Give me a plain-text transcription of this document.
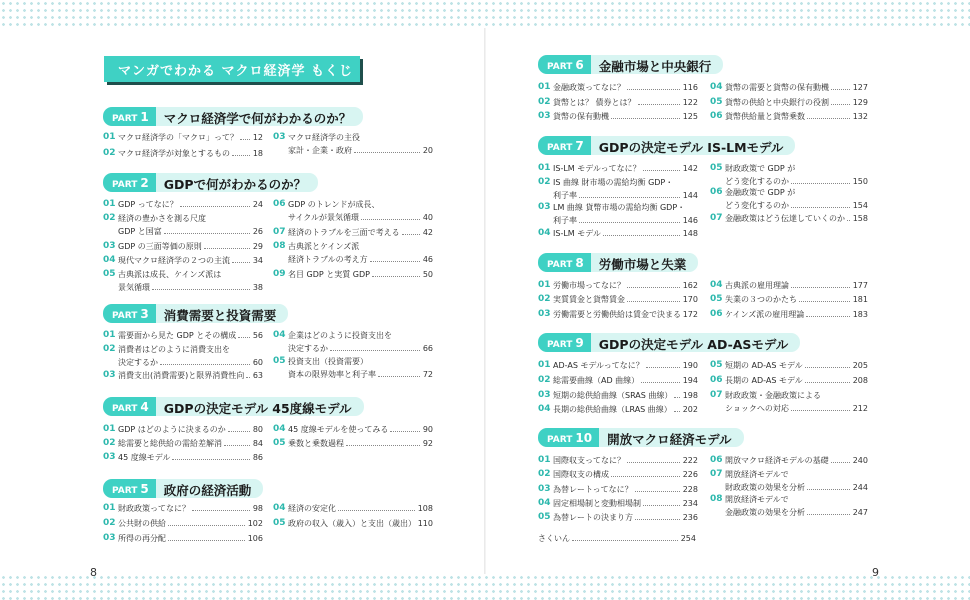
マンガでわかる マクロ経済学 もくじ
PART 1	マクロ経済学で何がわかるのか？
01 マクロ経済学の「マクロ」って？ 12
02 マクロ経済学が対象とするもの	18
03 マクロ経済学の主役
家計・企業・政府	20
PART 2	GDPで何がわかるのか？
01 GDP ってなに？	24
02 経済の豊かさを測る尺度
GDP と国富	26
03 GDP の三面等価の原則	29
04 現代マクロ経済学の２つの主流	34
05 古典派は成長、ケインズ派は
景気循環	38
06 GDP のトレンドが成長、
サイクルが景気循環	40
07 経済のトラブルを三面で考える	42
08 古典派とケインズ派
経済トラブルの考え方	46
09 名目 GDP と実質 GDP	50
PART 3	消費需要と投資需要
01 需要面から見た GDP とその構成 56
02 消費者はどのように消費支出を
決定するか	60
03 消費支出(消費需要)と限界消費性向 63
04 企業はどのように投資支出を
決定するか	66
05 投資支出（投資需要）
資本の限界効率と利子率	72
PART 4	GDPの決定モデル 45度線モデル
01 GDP はどのように決まるのか	80
02 総需要と総供給の需給差解消	84
03 45 度線モデル	86
04 45 度線モデルを使ってみる	90
05 乗数と乗数過程	92
PART 5	政府の経済活動
01 財政政策ってなに？	98
02 公共財の供給	102
03 所得の再分配	106
04 経済の安定化	108
05 政府の収入（歳入）と支出（歳出） 110
PART 6	金融市場と中央銀行
01 金融政策ってなに？	116
02 貨幣とは？ 債券とは？	122
03 貨幣の保有動機	125
04 貨幣の需要と貨幣の保有動機	127
05 貨幣の供給と中央銀行の役割	129
06 貨幣供給量と貨幣乗数	132
PART 7	GDPの決定モデル IS-LMモデル
01 IS-LM モデルってなに？	142
02 IS 曲線 財市場の需給均衡 GDP・
利子率	144
03 LM 曲線 貨幣市場の需給均衡 GDP・
利子率	146
04 IS-LM モデル	148
05 財政政策で GDP が
どう変化するのか	150
06 金融政策で GDP が
どう変化するのか	154
07 金融政策はどう伝達していくのか 158
PART 8	労働市場と失業
01 労働市場ってなに？	162
02 実質賃金と貨幣賃金	170
03 労働需要と労働供給は賃金で決まる 172
04 古典派の雇用理論	177
05 失業の３つのかたち	181
06 ケインズ派の雇用理論	183
PART 9	GDPの決定モデル AD-ASモデル
01 AD-AS モデルってなに？	190
02 総需要曲線（AD 曲線）	194
03 短期の総供給曲線（SRAS 曲線） 198
04 長期の総供給曲線（LRAS 曲線） 202
05 短期の AD-AS モデル	205
06 長期の AD-AS モデル	208
07 財政政策・金融政策による
ショックへの対応	212
PART 10	開放マクロ経済モデル
01 国際収支ってなに？	222
02 国際収支の構成	226
03 為替レートってなに？	228
04 固定相場制と変動相場制	234
05 為替レートの決まり方	236
06 開放マクロ経済モデルの基礎	240
07 開放経済モデルで
財政政策の効果を分析	244
08 開放経済モデルで
金融政策の効果を分析	247
さくいん	254
8	9
